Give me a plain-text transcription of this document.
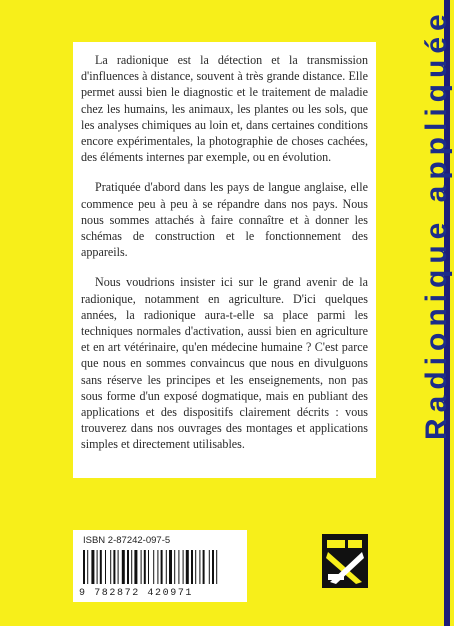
La radionique est la détection et la transmission d'influences à distance, souvent à très grande distance. Elle permet aussi bien le diagnostic et le traitement de maladie chez les humains, les animaux, les plantes ou les sols, que les analyses chimiques au loin et, dans certaines conditions encore expérimentales, la photographie de choses cachées, des éléments internes par exemple, ou en évolution.

Pratiquée d'abord dans les pays de langue anglaise, elle commence peu à peu à se répandre dans nos pays. Nous nous sommes attachés à faire connaître et à donner les schémas de construction et le fonctionnement des appareils.

Nous voudrions insister ici sur le grand avenir de la radionique, notamment en agriculture. D'ici quelques années, la radionique aura-t-elle sa place parmi les techniques normales d'activation, aussi bien en agriculture et en art vétérinaire, qu'en médecine humaine ? C'est parce que nous en sommes convaincus que nous en divulguons sans réserve les principes et les enseignements, non pas sous forme d'un exposé dogmatique, mais en publiant des applications et des dispositifs clairement décrits : vous trouverez dans nos ouvrages des montages et applications simples et directement utilisables.

Radionique appliquée
ISBN 2-87242-097-5
9 782872 420971
